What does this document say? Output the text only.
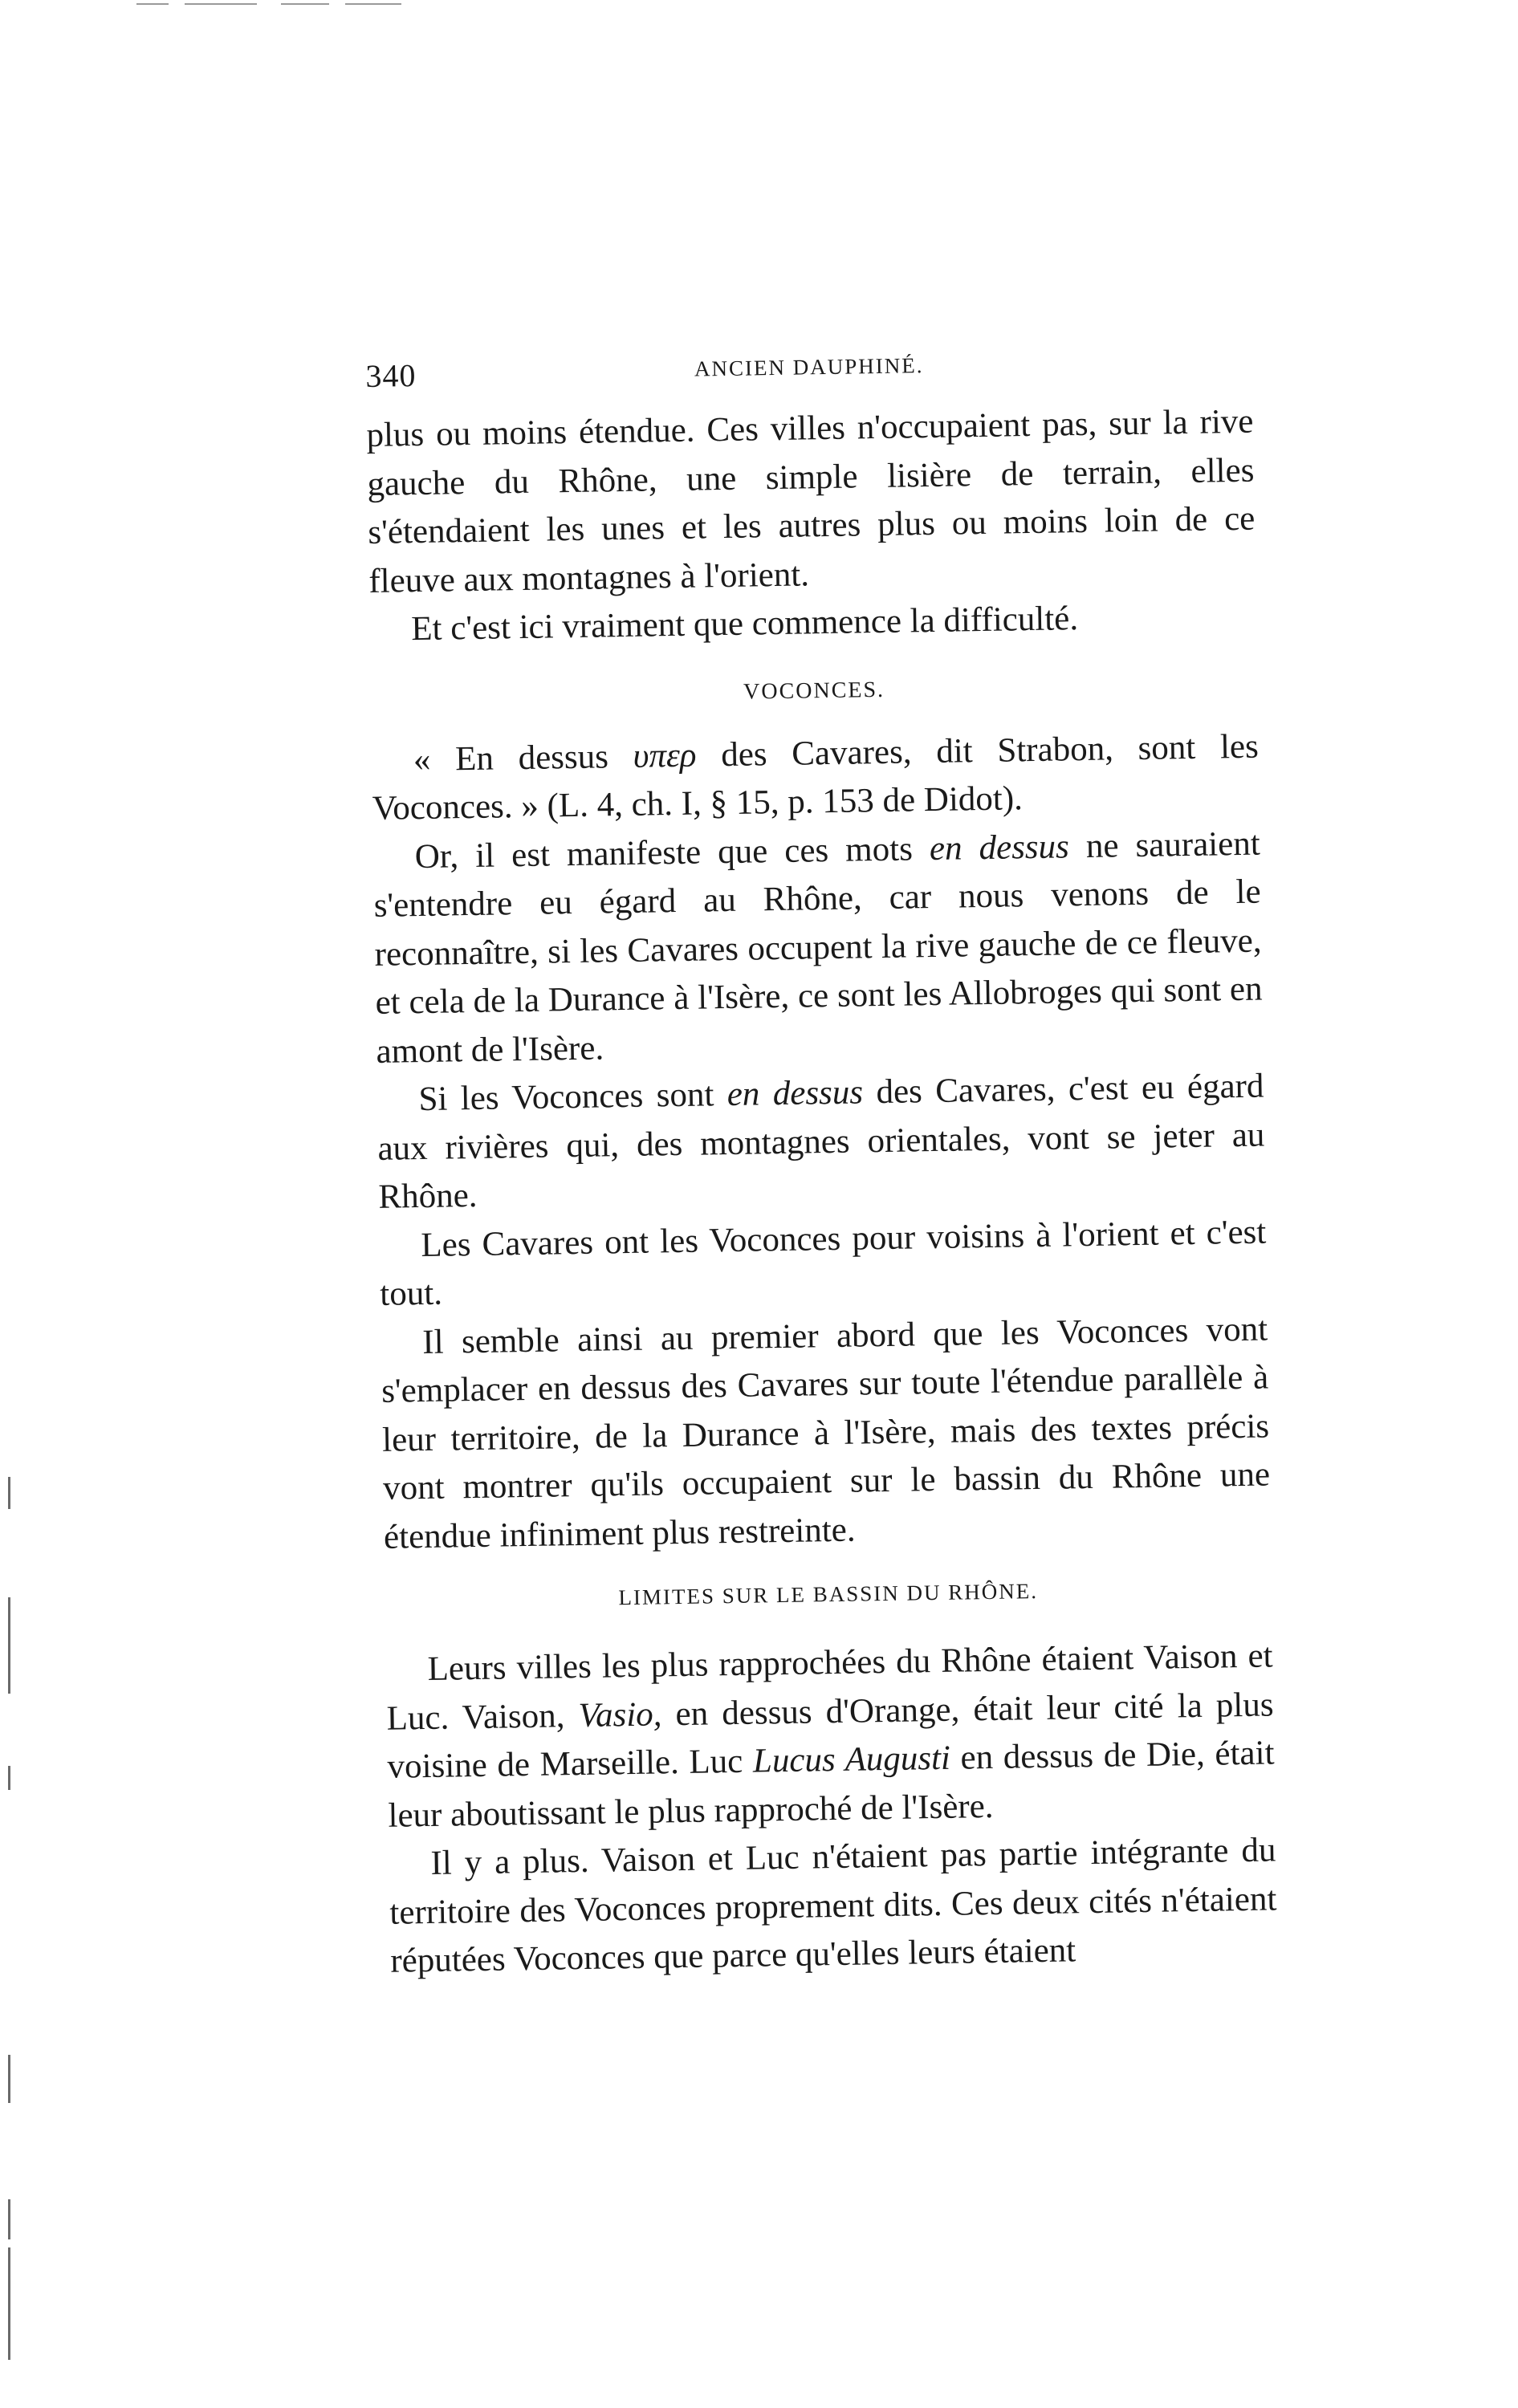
340	ANCIEN DAUPHINÉ.

plus ou moins étendue. Ces villes n'occupaient pas, sur la rive gauche du Rhône, une simple lisière de terrain, elles s'étendaient les unes et les autres plus ou moins loin de ce fleuve aux montagnes à l'orient.

Et c'est ici vraiment que commence la difficulté.

VOCONCES.

« En dessus υπερ des Cavares, dit Strabon, sont les Voconces. » (L. 4, ch. I, § 15, p. 153 de Didot).

Or, il est manifeste que ces mots en dessus ne sauraient s'entendre eu égard au Rhône, car nous venons de le reconnaître, si les Cavares occupent la rive gauche de ce fleuve, et cela de la Durance à l'Isère, ce sont les Allobroges qui sont en amont de l'Isère.

Si les Voconces sont en dessus des Cavares, c'est eu égard aux rivières qui, des montagnes orientales, vont se jeter au Rhône.

Les Cavares ont les Voconces pour voisins à l'orient et c'est tout.

Il semble ainsi au premier abord que les Voconces vont s'emplacer en dessus des Cavares sur toute l'étendue parallèle à leur territoire, de la Durance à l'Isère, mais des textes précis vont montrer qu'ils occupaient sur le bassin du Rhône une étendue infiniment plus restreinte.

LIMITES SUR LE BASSIN DU RHÔNE.

Leurs villes les plus rapprochées du Rhône étaient Vaison et Luc. Vaison, Vasio, en dessus d'Orange, était leur cité la plus voisine de Marseille. Luc Lucus Augusti en dessus de Die, était leur aboutissant le plus rapproché de l'Isère.

Il y a plus. Vaison et Luc n'étaient pas partie intégrante du territoire des Voconces proprement dits. Ces deux cités n'étaient réputées Voconces que parce qu'elles leurs étaient
